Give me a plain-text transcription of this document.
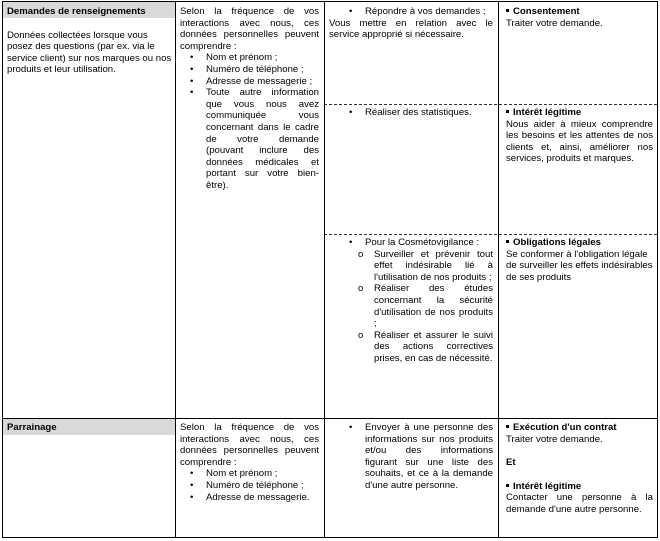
Demandes de renseignements

Données collectées lorsque vous posez des questions (par ex. via le service client) sur nos marques ou nos produits et leur utilisation.

Selon la fréquence de vos interactions avec nous, ces données personnelles peuvent comprendre :

• Nom et prénom ;
• Numéro de téléphone ;
• Adresse de messagerie ;
• Toute autre information que vous nous avez communiquée vous concernant dans le cadre de votre demande (pouvant inclure des données médicales et portant sur votre bien-être).
• Répondre à vos demandes ;

Vous mettre en relation avec le service approprié si nécessaire.

• Réaliser des statistiques.
• Pour la Cosmétovigilance :
o Surveiller et prévenir tout effet indésirable lié à l'utilisation de nos produits ;
o Réaliser des études concernant la sécurité d'utilisation de nos produits ;
o Réaliser et assurer le suivi des actions correctives prises, en cas de nécessité.

Consentement

Traiter votre demande.

Intérêt légitime

Nous aider à mieux comprendre les besoins et les attentes de nos clients et, ainsi, améliorer nos services, produits et marques.

Obligations légales

Se conformer à l'obligation légale de surveiller les effets indésirables de ses produits

Parrainage	Selon la fréquence de vos interactions avec nous, ces données personnelles peuvent comprendre :

• Nom et prénom ;
• Numéro de téléphone ;
• Adresse de messagerie.
• Envoyer à une personne des informations sur nos produits et/ou des informations figurant sur une liste des souhaits, et ce à la demande d'une autre personne.

Exécution d'un contrat

Traiter votre demande.

Et

Intérêt légitime

Contacter une personne à la demande d'une autre personne.
